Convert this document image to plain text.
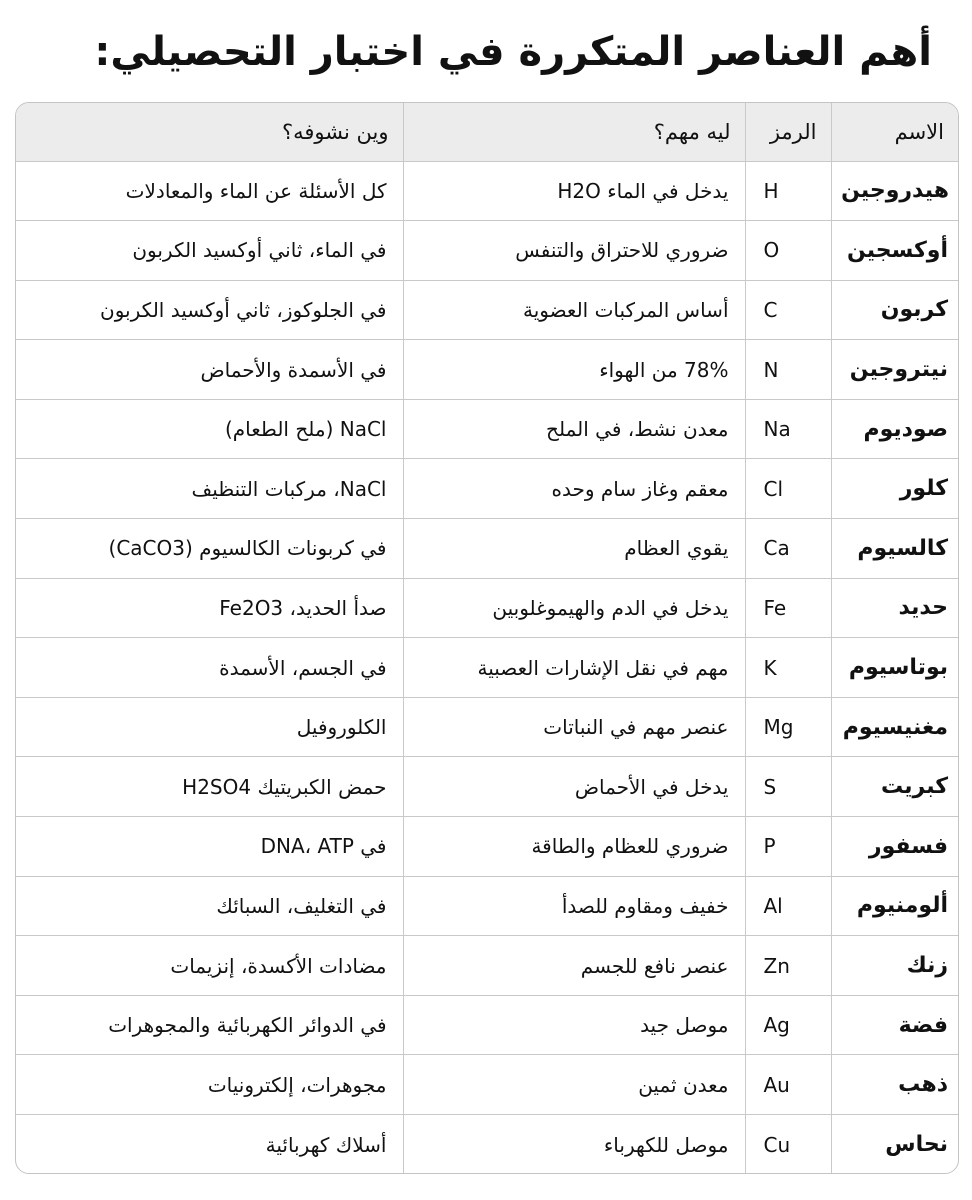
أهم العناصر المتكررة في اختبار التحصيلي:
الاسم	الرمز	ليه مهم؟	وين نشوفه؟
هيدروجين	H	يدخل في الماء H2O	كل الأسئلة عن الماء والمعادلات
أوكسجين	O	ضروري للاحتراق والتنفس	في الماء، ثاني أوكسيد الكربون
كربون	C	أساس المركبات العضوية	في الجلوكوز، ثاني أوكسيد الكربون
نيتروجين	N	78% من الهواء	في الأسمدة والأحماض
صوديوم	Na	معدن نشط، في الملح	NaCl (ملح الطعام)
كلور	Cl	معقم وغاز سام وحده	NaCl، مركبات التنظيف
كالسيوم	Ca	يقوي العظام	في كربونات الكالسيوم (CaCO3)
حديد	Fe	يدخل في الدم والهيموغلوبين	صدأ الحديد، Fe2O3
بوتاسيوم	K	مهم في نقل الإشارات العصبية	في الجسم، الأسمدة
مغنيسيوم	Mg	عنصر مهم في النباتات	الكلوروفيل
كبريت	S	يدخل في الأحماض	حمض الكبريتيك H2SO4
فسفور	P	ضروري للعظام والطاقة	في DNA، ATP
ألومنيوم	Al	خفيف ومقاوم للصدأ	في التغليف، السبائك
زنك	Zn	عنصر نافع للجسم	مضادات الأكسدة، إنزيمات
فضة	Ag	موصل جيد	في الدوائر الكهربائية والمجوهرات
ذهب	Au	معدن ثمين	مجوهرات، إلكترونيات
نحاس	Cu	موصل للكهرباء	أسلاك كهربائية
